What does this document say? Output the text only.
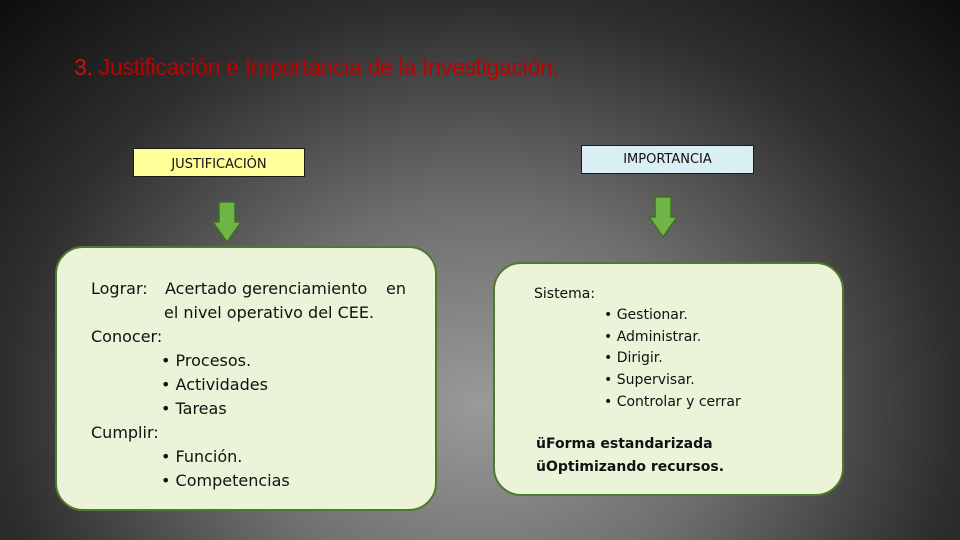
3. Justificación e Importancia de la Investigación.
JUSTIFICACIÓN	IMPORTANCIA
Lograr: Acertado gerenciamiento en
el nivel operativo del CEE.
Conocer:
• Procesos.
• Actividades
• Tareas
Cumplir:
• Función.
• Competencias
Sistema:
• Gestionar.
• Administrar.
• Dirigir.
• Supervisar.
• Controlar y cerrar
üForma estandarizada
üOptimizando recursos.
